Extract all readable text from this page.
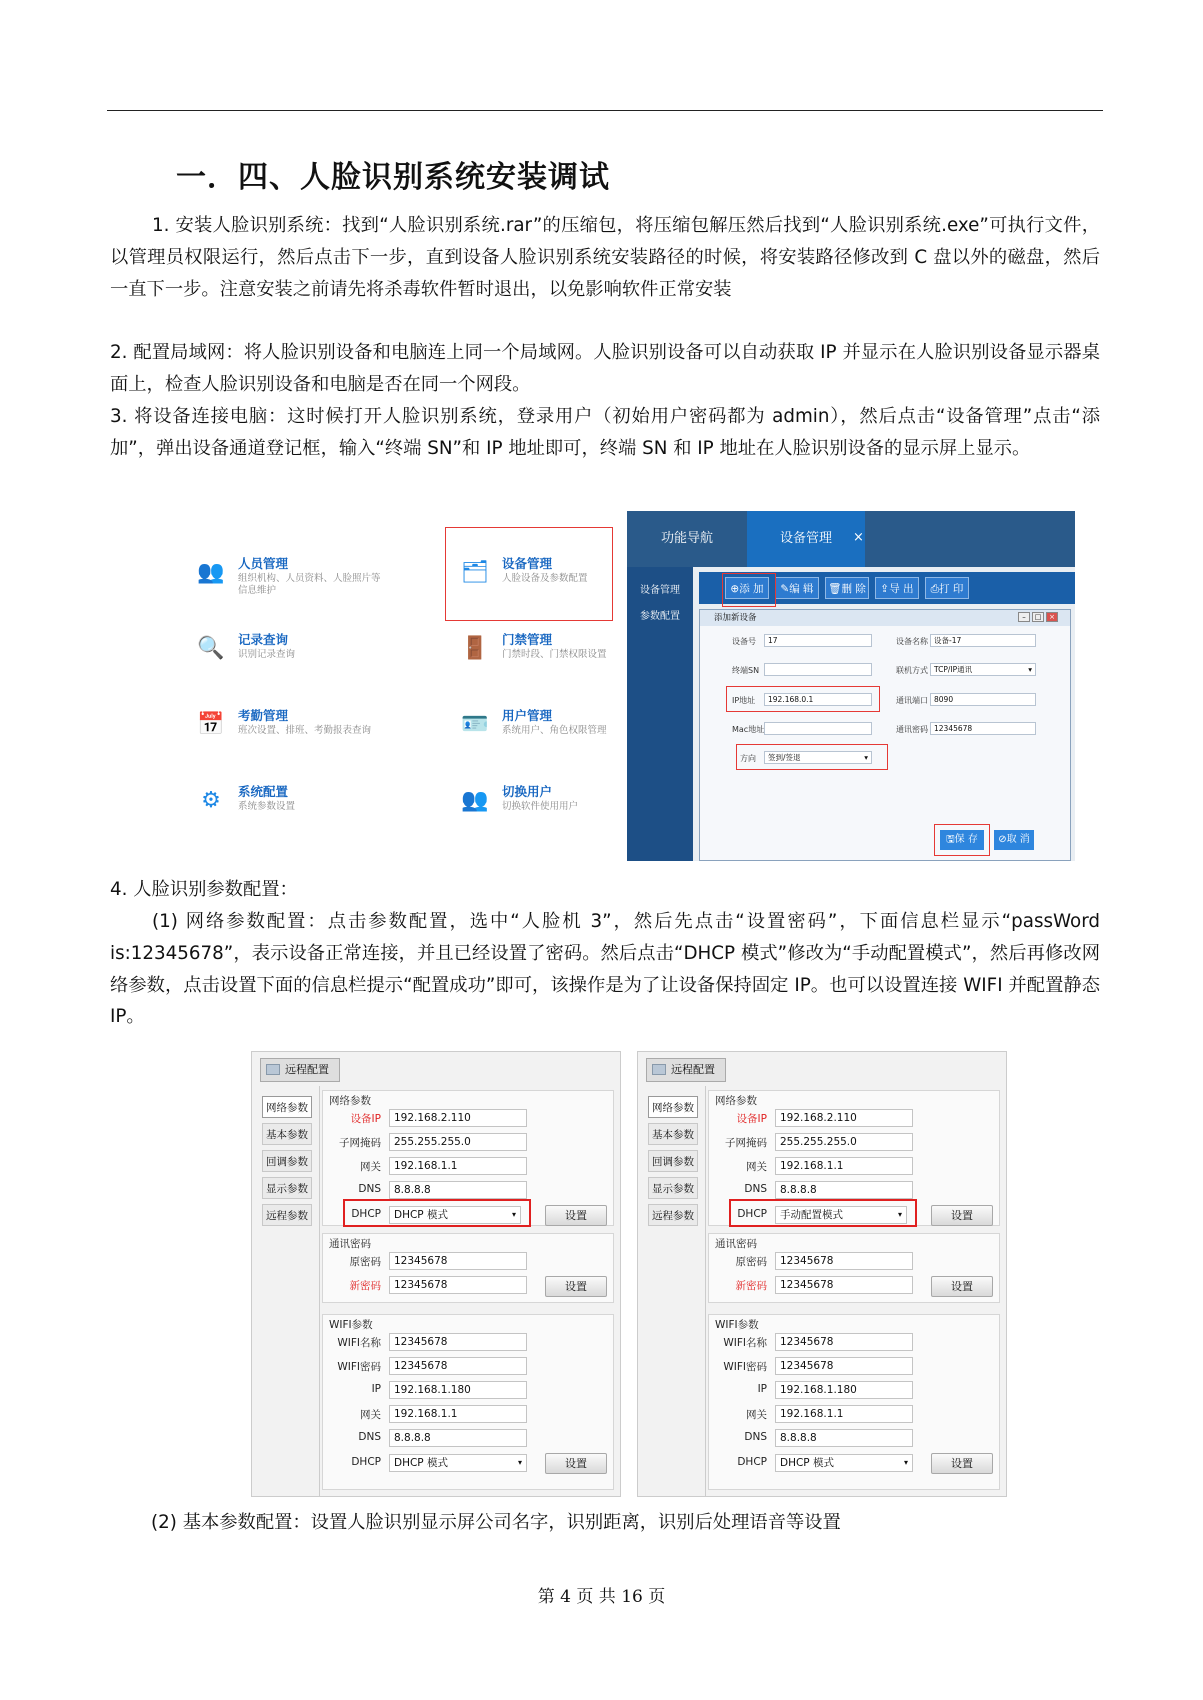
一．四、人脸识别系统安装调试
1. 安装人脸识别系统：找到“人脸识别系统.rar”的压缩包，将压缩包解压然后找到“人脸识别系统.exe”可执行文件，以管理员权限运行，然后点击下一步，直到设备人脸识别系统安装路径的时候，将安装路径修改到 C 盘以外的磁盘，然后一直下一步。注意安装之前请先将杀毒软件暂时退出，以免影响软件正常安装
2. 配置局域网：将人脸识别设备和电脑连上同一个局域网。人脸识别设备可以自动获取 IP 并显示在人脸识别设备显示器桌面上，检查人脸识别设备和电脑是否在同一个网段。
3. 将设备连接电脑：这时候打开人脸识别系统，登录用户（初始用户密码都为 admin），然后点击“设备管理”点击“添加”，弹出设备通道登记框，输入“终端 SN”和 IP 地址即可，终端 SN 和 IP 地址在人脸识别设备的显示屏上显示。
👥 人员管理
组织机构、人员资料、人脸照片等信息维护
🗂 设备管理
人脸设备及参数配置
🔍 记录查询
识别记录查询	🚪 门禁管理
门禁时段、门禁权限设置
📅 考勤管理
班次设置、排班、考勤报表查询	🪪 用户管理
系统用户、角色权限管理
⚙	系统配置
系统参数设置	👥 切换用户
切换软件使用用户
功能导航	设备管理	×
设备管理
参数配置
⊕添 加	✎编 辑	🗑删 除	⇪导 出	⎙打 印
添加新设备	–	□	×
设备号	17	设备名称 设备-17
终端SN	联机方式 TCP/IP通讯	▾
IP地址	192.168.0.1	通讯端口 8090
Mac地址	通讯密码 12345678
方向	签到/签退	▾
🖫保 存	⊘取 消
4. 人脸识别参数配置：
(1) 网络参数配置：点击参数配置，选中“人脸机 3”，然后先点击“设置密码”，下面信息栏显示“passWord is:12345678”，表示设备正常连接，并且已经设置了密码。然后点击“DHCP 模式”修改为“手动配置模式”，然后再修改网络参数，点击设置下面的信息栏提示“配置成功”即可，该操作是为了让设备保持固定 IP。也可以设置连接 WIFI 并配置静态 IP。
远程配置
网络参数
基本参数
回调参数
显示参数
远程参数
网络参数
设备IP	192.168.2.110
子网掩码	255.255.255.0
网关	192.168.1.1
DNS	8.8.8.8
DHCP	DHCP 模式	▾	设置
通讯密码
原密码	12345678
新密码	12345678	设置
WIFI参数
WIFI名称	12345678
WIFI密码	12345678
IP	192.168.1.180
网关	192.168.1.1
DNS	8.8.8.8
DHCP	DHCP 模式	▾	设置
远程配置
网络参数
基本参数
回调参数
显示参数
远程参数
网络参数
设备IP	192.168.2.110
子网掩码	255.255.255.0
网关	192.168.1.1
DNS	8.8.8.8
DHCP	手动配置模式	▾	设置
通讯密码
原密码	12345678
新密码	12345678	设置
WIFI参数
WIFI名称	12345678
WIFI密码	12345678
IP	192.168.1.180
网关	192.168.1.1
DNS	8.8.8.8
DHCP	DHCP 模式	▾	设置
(2) 基本参数配置：设置人脸识别显示屏公司名字，识别距离，识别后处理语音等设置
第 4 页 共 16 页
